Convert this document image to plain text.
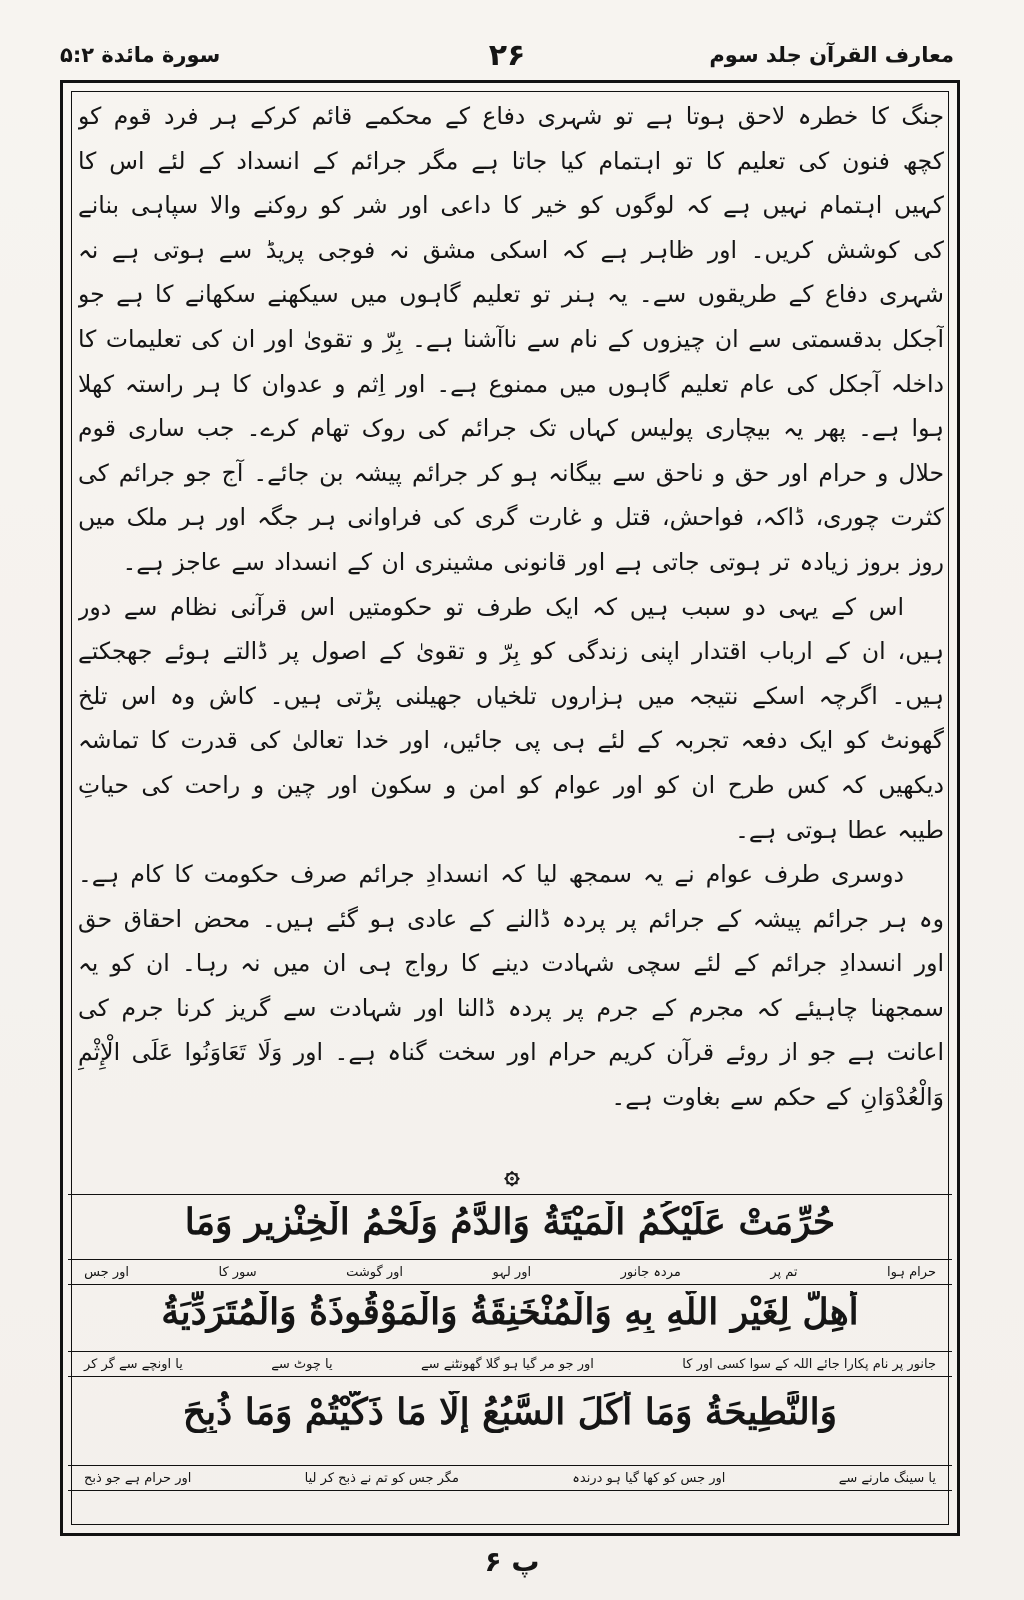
معارف القرآن جلد سوم
۲۶
سورة مائدة ۵:۲

جنگ کا خطرہ لاحق ہوتا ہے تو شہری دفاع کے محکمے قائم کرکے ہر فرد قوم کو کچھ فنون کی تعلیم کا تو اہتمام کیا جاتا ہے مگر جرائم کے انسداد کے لئے اس کا کہیں اہتمام نہیں ہے کہ لوگوں کو خیر کا داعی اور شر کو روکنے والا سپاہی بنانے کی کوشش کریں۔ اور ظاہر ہے کہ اسکی مشق نہ فوجی پریڈ سے ہوتی ہے نہ شہری دفاع کے طریقوں سے۔ یہ ہنر تو تعلیم گاہوں میں سیکھنے سکھانے کا ہے جو آجکل بدقسمتی سے ان چیزوں کے نام سے ناآشنا ہے۔ بِرّ و تقویٰ اور ان کی تعلیمات کا داخلہ آجکل کی عام تعلیم گاہوں میں ممنوع ہے۔ اور اِثم و عدوان کا ہر راستہ کھلا ہوا ہے۔ پھر یہ بیچاری پولیس کہاں تک جرائم کی روک تھام کرے۔ جب ساری قوم حلال و حرام اور حق و ناحق سے بیگانہ ہو کر جرائم پیشہ بن جائے۔ آج جو جرائم کی کثرت چوری، ڈاکہ، فواحش، قتل و غارت گری کی فراوانی ہر جگہ اور ہر ملک میں روز بروز زیادہ تر ہوتی جاتی ہے اور قانونی مشینری ان کے انسداد سے عاجز ہے۔

اس کے یہی دو سبب ہیں کہ ایک طرف تو حکومتیں اس قرآنی نظام سے دور ہیں، ان کے ارباب اقتدار اپنی زندگی کو بِرّ و تقویٰ کے اصول پر ڈالتے ہوئے جھجکتے ہیں۔ اگرچہ اسکے نتیجہ میں ہزاروں تلخیاں جھیلنی پڑتی ہیں۔ کاش وہ اس تلخ گھونٹ کو ایک دفعہ تجربہ کے لئے ہی پی جائیں، اور خدا تعالیٰ کی قدرت کا تماشہ دیکھیں کہ کس طرح ان کو اور عوام کو امن و سکون اور چین و راحت کی حیاتِ طیبہ عطا ہوتی ہے۔

دوسری طرف عوام نے یہ سمجھ لیا کہ انسدادِ جرائم صرف حکومت کا کام ہے۔ وہ ہر جرائم پیشہ کے جرائم پر پردہ ڈالنے کے عادی ہو گئے ہیں۔ محض احقاق حق اور انسدادِ جرائم کے لئے سچی شہادت دینے کا رواج ہی ان میں نہ رہا۔ ان کو یہ سمجھنا چاہیئے کہ مجرم کے جرم پر پردہ ڈالنا اور شہادت سے گریز کرنا جرم کی اعانت ہے جو از روئے قرآن کریم حرام اور سخت گناہ ہے۔ اور وَلَا تَعَاوَنُوا عَلَى الْإِثْمِ وَالْعُدْوَانِ کے حکم سے بغاوت ہے۔

۞
حُرِّمَتْ عَلَيْكُمُ الْمَيْتَةُ وَالدَّمُ وَلَحْمُ الْخِنْزِيرِ وَمَا
حرام ہوا
تم پر
مردہ جانور
اور لہو
اور گوشت
سور کا
اور جس
أُهِلَّ لِغَيْرِ اللَّهِ بِهِ وَالْمُنْخَنِقَةُ وَالْمَوْقُوذَةُ وَالْمُتَرَدِّيَةُ
جانور پر نام پکارا جائے اللہ کے سوا کسی اور کا
اور جو مر گیا ہو گلا گھونٹنے سے
یا چوٹ سے
یا اونچے سے گر کر
وَالنَّطِيحَةُ وَمَا أَكَلَ السَّبُعُ إِلَّا مَا ذَكَّيْتُمْ وَمَا ذُبِحَ
یا سینگ مارنے سے
اور جس کو کھا گیا ہو درندہ
مگر جس کو تم نے ذبح کر لیا
اور حرام ہے جو ذبح
پ ۶
